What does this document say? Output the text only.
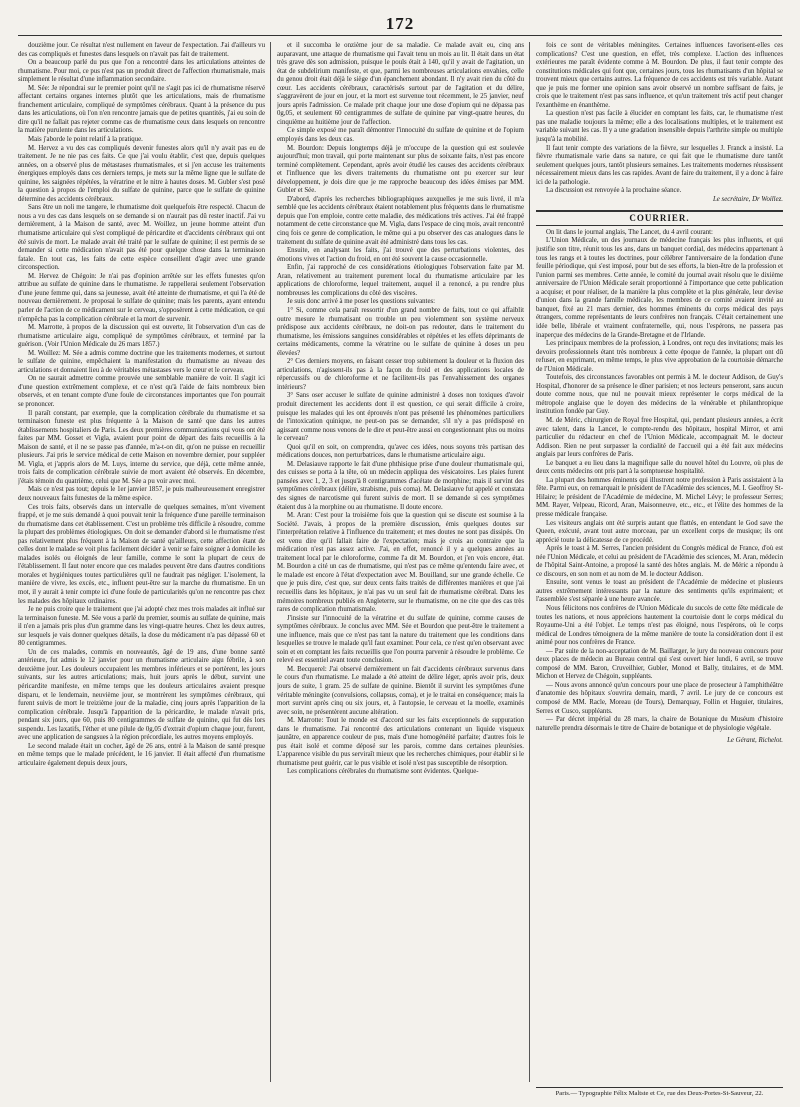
172

douzième jour. Ce résultat n'est nullement en faveur de l'expectation. J'ai d'ailleurs vu des cas compliqués et funestes dans lesquels on n'avait pas fait de traitement.

On a beaucoup parlé du pus que l'on a rencontré dans les articulations atteintes de rhumatisme. Pour moi, ce pus n'est pas un produit direct de l'affection rhumatismale, mais simplement le résultat d'une inflammation secondaire.

M. Sée: Je répondrai sur le premier point qu'il ne s'agit pas ici de rhumatisme réservé affectant certains organes internes plutôt que les articulations, mais de rhumatisme franchement articulaire, compliqué de symptômes cérébraux. Quant à la présence du pus dans les articulations, où l'on n'en rencontre jamais que de petites quantités, j'ai eu soin de dire qu'il ne fallait pas rejeter comme cas de rhumatisme ceux dans lesquels on rencontre la matière purulente dans les articulations.

Mais j'aborde le point relatif à la pratique.

M. Hervez a vu des cas compliqués devenir funestes alors qu'il n'y avait pas eu de traitement. Je ne nie pas ces faits. Ce que j'ai voulu établir, c'est que, depuis quelques années, on a observé plus de métastases rhumatismales, et si j'en accuse les traitements énergiques employés dans ces derniers temps, je mets sur la même ligne que le sulfate de quinine, les saignées répétées, la vératrine et le nitre à hautes doses. M. Gubler s'est posé la question à propos de l'emploi du sulfate de quinine, parce que le sulfate de quinine détermine des accidents cérébraux.

Sans être un noli me tangere, le rhumatisme doit quelquefois être respecté. Chacun de nous a vu des cas dans lesquels on se demande si on n'aurait pas dû rester inactif. J'ai vu dernièrement, à la Maison de santé, avec M. Woillez, un jeune homme atteint d'un rhumatisme articulaire qui s'est compliqué de péricardite et d'accidents cérébraux qui ont été suivis de mort. Le malade avait été traité par le sulfate de quinine; il est permis de se demander si cette médication n'avait pas été pour quelque chose dans la terminaison fatale. En tout cas, les faits de cette espèce conseillent d'agir avec une grande circonspection.

M. Hervez de Chégoin: Je n'ai pas d'opinion arrêtée sur les effets funestes qu'on attribue au sulfate de quinine dans le rhumatisme. Je rappellerai seulement l'observation d'une jeune femme qui, dans sa jeunesse, avait été atteinte de rhumatisme, et qui l'a été de nouveau dernièrement. Je proposai le sulfate de quinine; mais les parents, ayant entendu parler de l'action de ce médicament sur le cerveau, s'opposèrent à cette médication, ce qui n'empêcha pas la complication cérébrale et la mort de survenir.

M. Marrotte, à propos de la discussion qui est ouverte, lit l'observation d'un cas de rhumatisme articulaire aigu, compliqué de symptômes cérébraux, et terminé par la guérison. (Voir l'Union Médicale du 26 mars 1857.)

M. Woillez: M. Sée a admis comme doctrine que les traitements modernes, et surtout le sulfate de quinine, empêchaient la manifestation du rhumatisme au niveau des articulations et donnaient lieu à de véritables métastases vers le cœur et le cerveau.

On ne saurait admettre comme prouvée une semblable manière de voir. Il s'agit ici d'une question extrêmement complexe, et ce n'est qu'à l'aide de faits nombreux bien observés, et en tenant compte d'une foule de circonstances importantes que l'on pourrait se prononcer.

Il paraît constant, par exemple, que la complication cérébrale du rhumatisme et sa terminaison funeste est plus fréquente à la Maison de santé que dans les autres établissements hospitaliers de Paris. Les deux premières communications qui vous ont été faites par MM. Gosset et Vigla, avaient pour point de départ des faits recueillis à la Maison de santé, et il ne se passe pas d'année, m'a-t-on dit, qu'on ne puisse en recueillir plusieurs. J'ai pris le service médical de cette Maison en novembre dernier, pour suppléer M. Vigla, et j'appris alors de M. Luys, interne du service, que déjà, cette même année, trois faits de complication cérébrale suivie de mort avaient été observés. En décembre, j'étais témoin du quatrième, celui que M. Sée a pu voir avec moi.

Mais ce n'est pas tout; depuis le 1er janvier 1857, je puis malheureusement enregistrer deux nouveaux faits funestes de la même espèce.

Ces trois faits, observés dans un intervalle de quelques semaines, m'ont vivement frappé, et je me suis demandé à quoi pouvait tenir la fréquence d'une pareille terminaison du rhumatisme dans cet établissement. C'est un problème très difficile à résoudre, comme la plupart des problèmes étiologiques. On doit se demander d'abord si le rhumatisme n'est pas relativement plus fréquent à la Maison de santé qu'ailleurs, cette affection étant de celles dont le malade se voit plus facilement décider à venir se faire soigner à domicile les malades isolés ou éloignés de leur famille, comme le sont la plupart de ceux de l'établissement. Il faut noter encore que ces malades peuvent être dans d'autres conditions morales et hygiéniques toutes particulières qu'il ne faudrait pas négliger. L'isolement, la manière de vivre, les excès, etc., influent peut-être sur la marche du rhumatisme. En un mot, il y aurait à tenir compte ici d'une foule de particularités qu'on ne rencontre pas chez les malades des hôpitaux ordinaires.

Je ne puis croire que le traitement que j'ai adopté chez mes trois malades ait influé sur la terminaison funeste. M. Sée vous a parlé du premier, soumis au sulfate de quinine, mais il n'en a jamais pris plus d'un gramme dans les vingt-quatre heures. Chez les deux autres, sur lesquels je vais donner quelques détails, la dose du médicament n'a pas dépassé 60 et 80 centigrammes.

Un de ces malades, commis en nouveautés, âgé de 19 ans, d'une bonne santé antérieure, fut admis le 12 janvier pour un rhumatisme articulaire aigu fébrile, à son deuxième jour. Les douleurs occupaient les membres inférieurs et se portèrent, les jours suivants, sur les autres articulations; mais, huit jours après le début, survint une péricardite manifeste, en même temps que les douleurs articulaires avaient presque disparu, et le lendemain, neuvième jour, se montrèrent les symptômes cérébraux, qui furent suivis de mort le treizième jour de la maladie, cinq jours après l'apparition de la complication cérébrale. Jusqu'à l'apparition de la péricardite, le malade n'avait pris, pendant six jours, que 60, puis 80 centigrammes de sulfate de quinine, qui fut dès lors suspendu. Les laxatifs, l'éther et une pilule de 0g,05 d'extrait d'opium chaque jour, furent, avec une application de sangsues à la région précordiale, les autres moyens employés.

Le second malade était un cocher, âgé de 26 ans, entré à la Maison de santé presque en même temps que le malade précédent, le 16 janvier. Il était affecté d'un rhumatisme articulaire également depuis deux jours,

et il succomba le onzième jour de sa maladie. Ce malade avait eu, cinq ans auparavant, une attaque de rhumatisme qui l'avait tenu un mois au lit. Il était dans un état très grave dès son admission, puisque le pouls était à 140, qu'il y avait de l'agitation, un état de subdelirium manifeste, et que, parmi les nombreuses articulations envahies, celle du genou droit était déjà le siège d'un épanchement abondant. Il n'y avait rien du côté du cœur. Les accidents cérébraux, caractérisés surtout par de l'agitation et du délire, s'aggravèrent de jour en jour, et la mort est survenue tout récemment, le 25 janvier, neuf jours après l'admission. Ce malade prit chaque jour une dose d'opium qui ne dépassa pas 0g,05, et seulement 60 centigrammes de sulfate de quinine par vingt-quatre heures, du cinquième au huitième jour de l'affection.

Ce simple exposé me paraît démontrer l'innocuité du sulfate de quinine et de l'opium employés dans les deux cas.

M. Bourdon: Depuis longtemps déjà je m'occupe de la question qui est soulevée aujourd'hui; mon travail, qui porte maintenant sur plus de soixante faits, n'est pas encore terminé complètement. Cependant, après avoir étudié les causes des accidents cérébraux et l'influence que les divers traitements du rhumatisme ont pu exercer sur leur développement, je dois dire que je me rapproche beaucoup des idées émises par MM. Gubler et Sée.

D'abord, d'après les recherches bibliographiques auxquelles je me suis livré, il m'a semblé que les accidents cérébraux étaient notablement plus fréquents dans le rhumatisme depuis que l'on emploie, contre cette maladie, des médications très actives. J'ai été frappé notamment de cette circonstance que M. Vigla, dans l'espace de cinq mois, avait rencontré cinq fois ce genre de complication, le même qui a pu observer des cas analogues dans le traitement du sulfate de quinine avait été administré dans tous les cas.

Ensuite, en analysant les faits, j'ai trouvé que des perturbations violentes, des émotions vives et l'action du froid, en ont été souvent la cause occasionnelle.

Enfin, j'ai rapproché de ces considérations étiologiques l'observation faite par M. Aran, relativement au traitement purement local du rhumatisme articulaire par les applications de chloroforme, lequel traitement, auquel il a renoncé, a pu rendre plus nombreuses les complications du côté des viscères.

Je suis donc arrivé à me poser les questions suivantes:

1° Si, comme cela paraît ressortir d'un grand nombre de faits, tout ce qui affaiblit outre mesure le rhumatisant ou trouble un peu violemment son système nerveux prédispose aux accidents cérébraux, ne doit-on pas redouter, dans le traitement du rhumatisme, les émissions sanguines considérables et répétées et les effets déprimants de certains médicaments, comme la vératrine ou le sulfate de quinine à doses un peu élevées?

2° Ces derniers moyens, en faisant cesser trop subitement la douleur et la fluxion des articulations, n'agissent-ils pas à la façon du froid et des applications locales de répercussifs ou de chloroforme et ne facilitent-ils pas l'envahissement des organes intérieurs?

3° Sans oser accuser le sulfate de quinine administré à doses non toxiques d'avoir produit directement les accidents dont il est question, ce qui serait difficile à croire, puisque les malades qui les ont éprouvés n'ont pas présenté les phénomènes particuliers de l'intoxication quinique, ne peut-on pas se demander, s'il n'y a pas prédisposé en agissant comme nous venons de le dire et peut-être aussi en congestionnant plus ou moins le cerveau?

Quoi qu'il en soit, on comprendra, qu'avec ces idées, nous soyons très partisan des médications douces, non perturbatrices, dans le rhumatisme articulaire aigu.

M. Delasiauve rapporte le fait d'une phthisique prise d'une douleur rhumatismale qui, des cuisses se porta à la tête, où un médecin appliqua des vésicatoires. Les plaies furent pansées avec 1, 2, 3 et jusqu'à 8 centigrammes d'acétate de morphine; mais il survint des symptômes cérébraux (délire, strabisme, puis coma). M. Delasiauve fut appelé et constata des signes de narcotisme qui furent suivis de mort. Il se demande si ces symptômes étaient dus à la morphine ou au rhumatisme. Il doute encore.

M. Aran: C'est pour la troisième fois que la question qui se discute est soumise à la Société. J'avais, à propos de la première discussion, émis quelques doutes sur l'interprétation relative à l'influence du traitement; et mes doutes ne sont pas dissipés. On est venu dire qu'il fallait faire de l'expectation; mais je crois au contraire que la médication n'est pas assez active. J'ai, en effet, renoncé il y a quelques années au traitement local par le chloroforme, comme l'a dit M. Bourdon, et j'en vois encore, état. M. Bourdon a cité un cas de rhumatisme, qui n'est pas ce même qu'entendu faire avec, et le malade est encore à l'état d'expectation avec M. Bouilland, sur une grande échelle. Ce que je puis dire, c'est que, sur deux cents faits traités de différentes manières et que j'ai recueillis dans les hôpitaux, je n'ai pas vu un seul fait de rhumatisme cérébral. Dans les mémoires nombreux publiés en Angleterre, sur le rhumatisme, on ne cite que des cas très rares de complication rhumatismale.

J'insiste sur l'innocuité de la vératrine et du sulfate de quinine, comme causes de symptômes cérébraux. Je conclus avec MM. Sée et Bourdon que peut-être le traitement a une influence, mais que ce n'est pas tant la nature du traitement que les conditions dans lesquelles se trouve le malade qu'il faut examiner. Pour cela, ce n'est qu'en observant avec soin et en comptant les faits recueillis que l'on pourra parvenir à résoudre le problème. Ce relevé est essentiel avant toute conclusion.

M. Becquerel: J'ai observé dernièrement un fait d'accidents cérébraux survenus dans le cours d'un rhumatisme. Le malade a été atteint de délire léger, après avoir pris, deux jours de suite, 1 gram. 25 de sulfate de quinine. Bientôt il survint les symptômes d'une véritable méningite (convulsions, collapsus, coma), et je le traitai en conséquence; mais la mort survint après cinq ou six jours, et, à l'autopsie, le cerveau et la moelle, examinés avec soin, ne présentèrent aucune altération.

M. Marrotte: Tout le monde est d'accord sur les faits exceptionnels de suppuration dans le rhumatisme. J'ai rencontré des articulations contenant un liquide visqueux jaunâtre, en apparence couleur de pus, mais d'une homogénéité parfaite; d'autres fois le pus était isolé et comme déposé sur les parois, comme dans certaines pleurésies. L'apparence visible du pus serviraît mieux que les recherches chimiques, pour établir si le rhumatisme peut guérir, car le pus visible et isolé n'est pas susceptible de résorption.

Les complications cérébrales du rhumatisme sont évidentes. Quelque-

fois ce sont de véritables méningites. Certaines influences favorisent-elles ces complications? C'est une question, en effet, très complexe. L'action des influences extérieures me paraît évidente comme à M. Bourdon. De plus, il faut tenir compte des constitutions médicales qui font que, certaines jours, tous les rhumatisants d'un hôpital se trouvent mieux que certains autres. La fréquence de ces accidents est très variable. Autant que je puis me former une opinion sans avoir observé un nombre suffisant de faits, je crois que le traitement n'est pas sans influence, et qu'un traitement très actif peut changer l'exanthème en énanthème.

La question n'est pas facile à élucider en comptant les faits, car, le rhumatisme n'est pas une maladie toujours la même; elle a des localisations multiples, et le traitement est variable suivant les cas. Il y a une gradation insensible depuis l'arthrite simple ou multiple jusqu'à la mobilité.

Il faut tenir compte des variations de la fièvre, sur lesquelles J. Franck a insisté. La fièvre rhumatismale varie dans sa nature, ce qui fait que le rhumatisme dure tantôt seulement quelques jours, tantôt plusieurs semaines. Les traitements modernes réussissent nécessairement mieux dans les cas rapides. Avant de faire du traitement, il y a donc à faire ici de la pathologie.

La discussion est renvoyée à la prochaine séance.

Le secrétaire, Dr Woillez.

COURRIER.

On lit dans le journal anglais, The Lancet, du 4 avril courant:

L'Union Médicale, un des journaux de médecine français les plus influents, et qui justifie son titre, réunit tous les ans, dans un banquet cordial, des médecins appartenant à tous les rangs et à toutes les doctrines, pour célébrer l'anniversaire de la fondation d'une feuille périodique, qui s'est imposé, pour but de ses efforts, la bien-être de la profession et l'union parmi ses membres. Cette année, le comité du journal avait résolu que le dixième anniversaire de l'Union Médicale serait proportionné à l'importance que cette publication a acquise; et pour réaliser, de la manière la plus complète et la plus générale, leur devise d'union dans la grande famille médicale, les membres de ce comité avaient invité au banquet, fixé au 21 mars dernier, des hommes éminents du corps médical des pays étrangers, comme représentants de leurs confrères non français. C'était certainement une idée belle, libérale et vraiment confraternelle, qui, nous l'espérons, ne passera pas inaperçue des médecins de la Grande-Bretagne et de l'Irlande.

Les principaux membres de la profession, à Londres, ont reçu des invitations; mais les devoirs professionnels étant très nombreux à cette époque de l'année, la plupart ont dû refuser, en exprimant, en même temps, le plus vive approbation de la courtoisie démarche de l'Union Médicale.

Toutefois, des circonstances favorables ont permis à M. le docteur Addison, de Guy's Hospital, d'honorer de sa présence le dîner parisien; et nos lecteurs penseront, sans aucun doute comme nous, que nul ne pouvait mieux représenter le corps médical de la métropole anglaise que le doyen des médecins de la vénérable et philanthropique institution fondée par Guy.

M. de Méric, chirurgien de Royal free Hospital, qui, pendant plusieurs années, a écrit avec talent, dans la Lancet, le compte-rendu des hôpitaux, hospital Mirror, et ami particulier du rédacteur en chef de l'Union Médicale, accompagnait M. le docteur Addison. Rien ne peut surpasser la cordialité de l'accueil qui a été fait aux médecins anglais par leurs confrères de Paris.

Le banquet a eu lieu dans la magnifique salle du nouvel hôtel du Louvre, où plus de deux cents médecins ont pris part à la somptueuse hospitalité.

La plupart des hommes éminents qui illustrent notre profession à Paris assistaient à la fête. Parmi eux, on remarquait le président de l'Académie des sciences, M. I. Geoffroy St-Hilaire; le président de l'Académie de médecine, M. Michel Lévy; le professeur Serres; MM. Rayer, Velpeau, Ricord, Aran, Maisonneuve, etc., etc., et l'élite des hommes de la presse médicale française.

Les visiteurs anglais ont été surpris autant que flattés, en entendant le God save the Queen, exécuté, avant tout autre morceau, par un excellent corps de musique; ils ont apprécié toute la délicatesse de ce procédé.

Après le toast à M. Serres, l'ancien président du Congrès médical de France, d'où est née l'Union Médicale, et celui au président de l'Académie des sciences, M. Aran, médecin de l'hôpital Saint-Antoine, a proposé la santé des hôtes anglais. M. de Méric a répondu à ce discours, en son nom et au nom de M. le docteur Addison.

Ensuite, sont venus le toast au président de l'Académie de médecine et plusieurs autres extrêmement intéressants par la nature des sentiments qu'ils exprimaient; et l'assemblée s'est séparée à une heure avancée.

Nous félicitons nos confrères de l'Union Médicale du succès de cette fête médicale de toutes les nations, et nous apprécions hautement la courtoisie dont le corps médical du Royaume-Uni a été l'objet. Le temps n'est pas éloigné, nous l'espérons, où le corps médical de Londres témoignera de la même manière de toute la considération dont il est animé pour nos confrères de France.

— Par suite de la non-acceptation de M. Baillarger, le jury du nouveau concours pour deux places de médecin au Bureau central qui s'est ouvert hier lundi, 6 avril, se trouve composé de MM. Baron, Cruveilhier, Gubler, Monod et Bally, titulaires, et de MM. Michon et Hervez de Chégoin, suppléants.

— Nous avons annoncé qu'un concours pour une place de prosecteur à l'amphithéâtre d'anatomie des hôpitaux s'ouvrira demain, mardi, 7 avril. Le jury de ce concours est composé de MM. Racle, Moreau (de Tours), Demarquay, Follin et Huguier, titulaires, Serres et Cusco, suppléants.

— Par décret impérial du 28 mars, la chaire de Botanique du Muséum d'histoire naturelle prendra désormais le titre de Chaire de botanique et de physiologie végétale.

Le Gérant, Richelot.

Paris.— Typographie Félix Maltste et Ce, rue des Deux-Portes-St-Sauveur, 22.
